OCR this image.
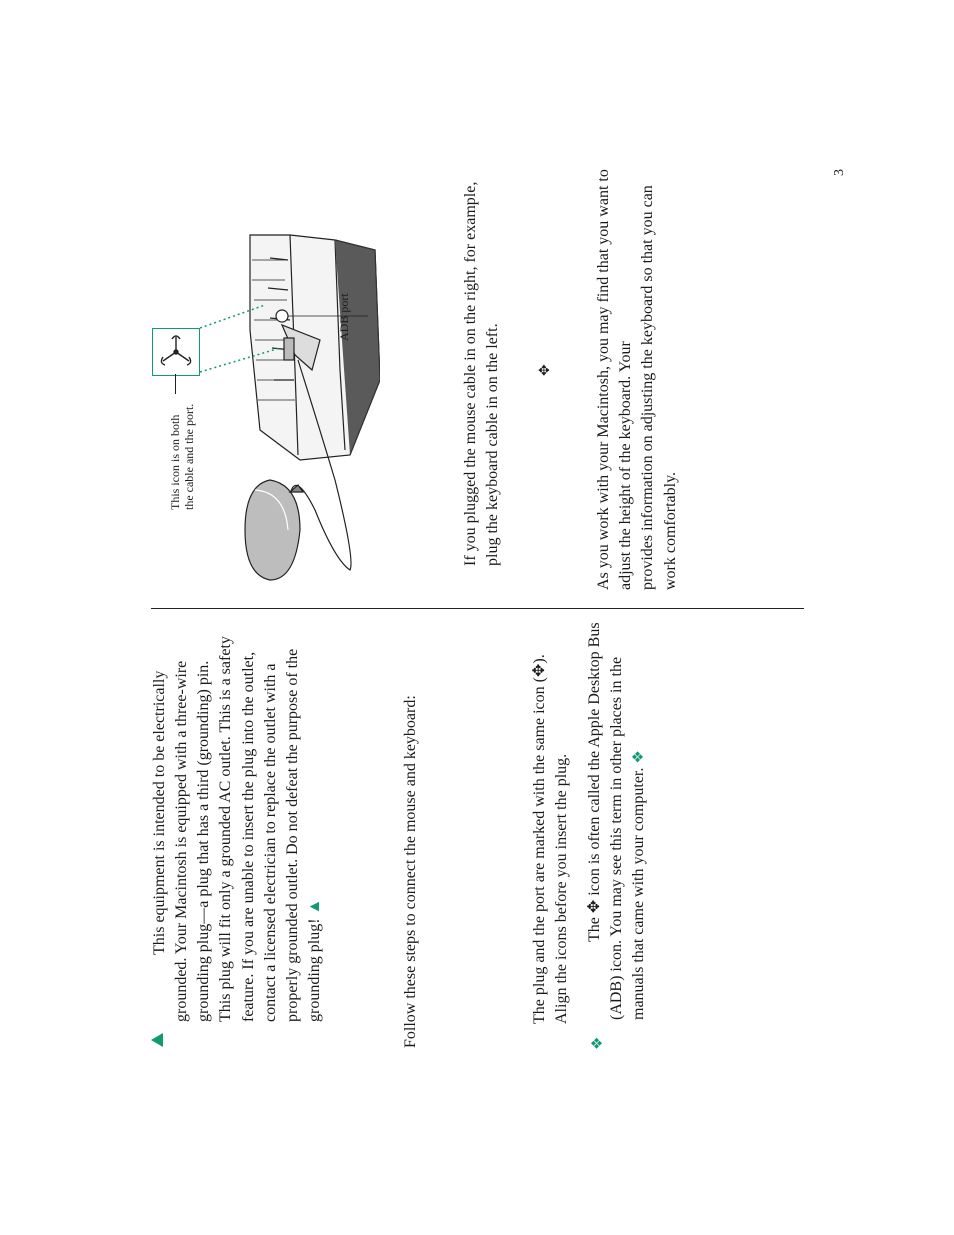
3
This equipment is intended to be electrically grounded. Your Macintosh is equipped with a three-wire grounding plug—a plug that has a third (grounding) pin. This plug will fit only a grounded AC outlet. This is a safety feature. If you are unable to insert the plug into the outlet, contact a licensed electrician to replace the outlet with a properly grounded outlet. Do not defeat the purpose of the grounding plug! ▲	Follow these steps to connect the mouse and keyboard:	The plug and the port are marked with the same icon (✥). Align the icons before you insert the plug.
❖
The ✥ icon is often called the Apple Desktop Bus (ADB) icon. You may see this term in other places in the manuals that came with your computer. ❖
This icon is on both the cable and the port.
ADB port	If you plugged the mouse cable in on the right, for example, plug the keyboard cable in on the left.	✥	As you work with your Macintosh, you may find that you want to adjust the height of the keyboard. Your provides information on adjusting the keyboard so that you can work comfortably.
